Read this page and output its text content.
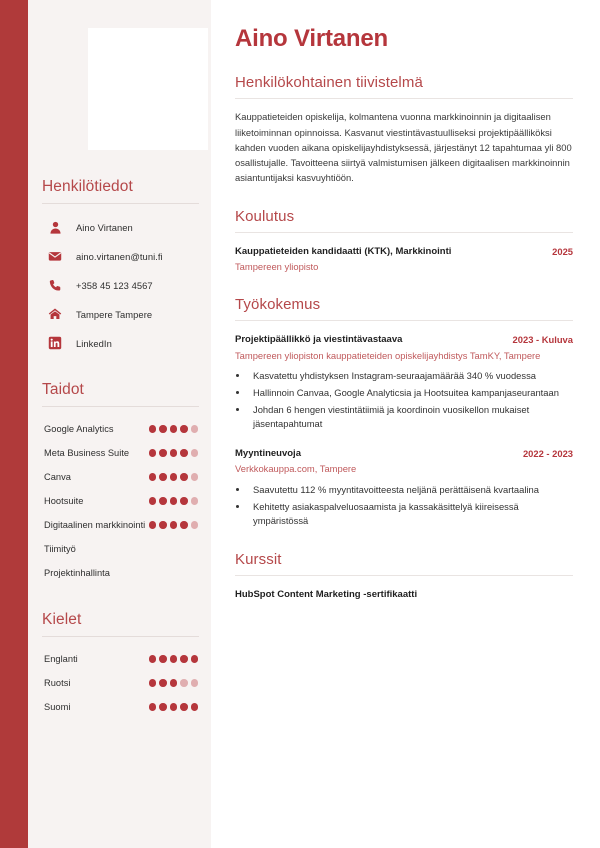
Henkilötiedot
Aino Virtanen
aino.virtanen@tuni.fi
+358 45 123 4567
Tampere Tampere
LinkedIn
Taidot
Google Analytics
Meta Business Suite
Canva
Hootsuite
Digitaalinen markkinointi
Tiimityö
Projektinhallinta
Kielet
Englanti
Ruotsi
Suomi
Aino Virtanen
Henkilökohtainen tiivistelmä

Kauppatieteiden opiskelija, kolmantena vuonna markkinoinnin ja digitaalisen liiketoiminnan opinnoissa. Kasvanut viestintävastuulliseksi projektipäälliköksi kahden vuoden aikana opiskelijayhdistyksessä, järjestänyt 12 tapahtumaa yli 800 osallistujalle. Tavoitteena siirtyä valmistumisen jälkeen digitaalisen markkinoinnin asiantuntijaksi kasvuyhtiöön.

Koulutus
Kauppatieteiden kandidaatti (KTK), Markkinointi	2025
Tampereen yliopisto
Työkokemus
Projektipäällikkö ja viestintävastaava	2023 - Kuluva
Tampereen yliopiston kauppatieteiden opiskelijayhdistys TamKY, Tampere
• Kasvatettu yhdistyksen Instagram-seuraajamäärää 340 % vuodessa
• Hallinnoin Canvaa, Google Analyticsia ja Hootsuitea kampanjaseurantaan
• Johdan 6 hengen viestintätiimiä ja koordinoin vuosikellon mukaiset jäsentapahtumat
Myyntineuvoja	2022 - 2023
Verkkokauppa.com, Tampere
• Saavutettu 112 % myyntitavoitteesta neljänä perättäisenä kvartaalina
• Kehitetty asiakaspalveluosaamista ja kassakäsittelyä kiireisessä ympäristössä
Kurssit
HubSpot Content Marketing -sertifikaatti
